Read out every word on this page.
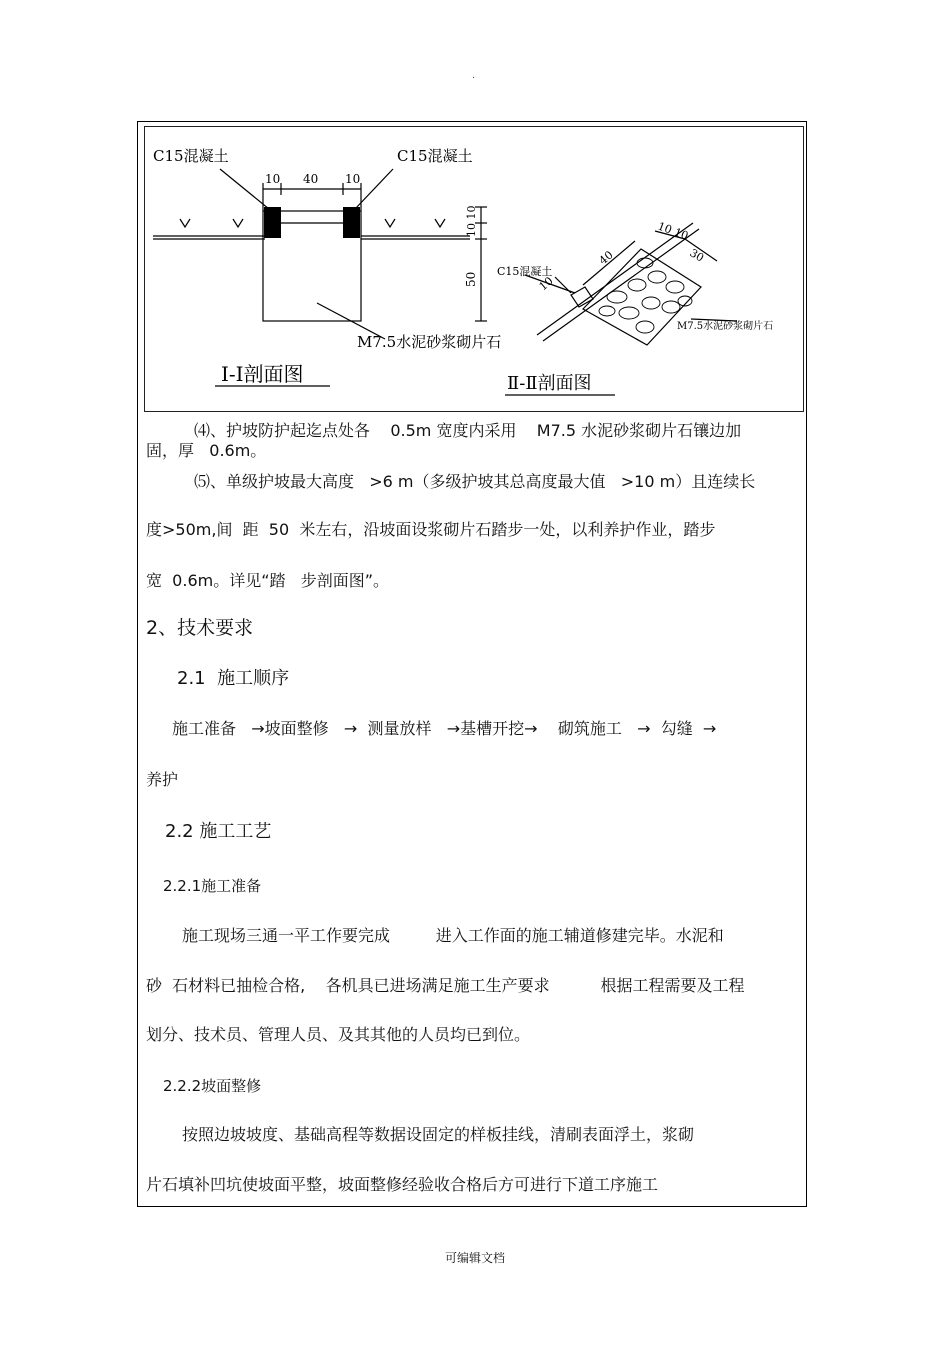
.
C15混凝土	C15混凝土
10 40 10
10 10
50
M7.5水泥砂浆砌片石
Ⅰ-Ⅰ剖面图
C15混凝土
40
10
10 10
30
M7.5水泥砂浆砌片石
Ⅱ-Ⅱ剖面图
⑷、护坡防护起迄点处各    0.5m 宽度内采用    M7.5 水泥砂浆砌片石镶边加
固，厚   0.6m。
⑸、单级护坡最大高度   >6 m（多级护坡其总高度最大值   >10 m）且连续长
度>50m,间  距  50  米左右，沿坡面设浆砌片石踏步一处，以利养护作业，踏步
宽  0.6m。详见“踏   步剖面图”。
2、技术要求
2.1  施工顺序
施工准备   →坡面整修   →  测量放样   →基槽开挖→    砌筑施工   →  勾缝  →
养护
2.2 施工工艺
2.2.1施工准备
施工现场三通一平工作要完成         进入工作面的施工辅道修建完毕。水泥和
砂  石材料已抽检合格,    各机具已进场满足施工生产要求          根据工程需要及工程
划分、技术员、管理人员、及其其他的人员均已到位。
2.2.2坡面整修
按照边坡坡度、基础高程等数据设固定的样板挂线，清刷表面浮土，浆砌
片石填补凹坑使坡面平整，坡面整修经验收合格后方可进行下道工序施工
可编辑文档
